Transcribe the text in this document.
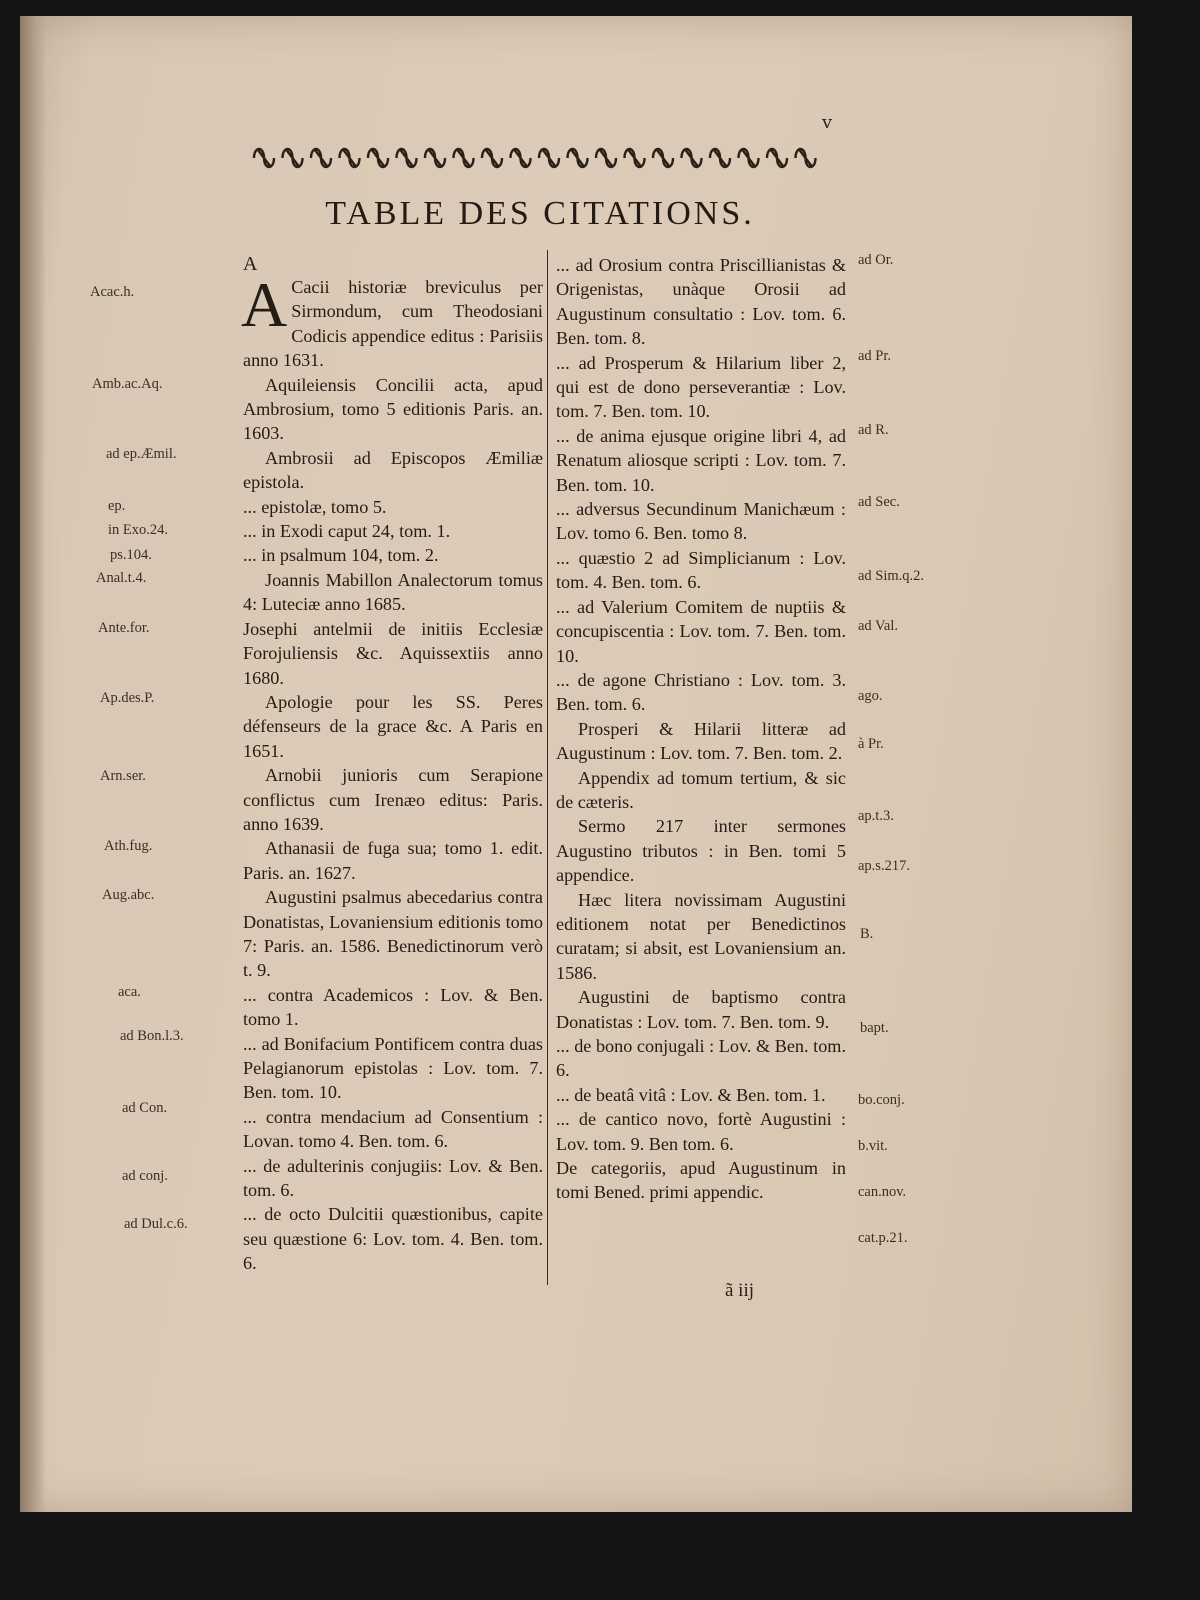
v
TABLE DES CITATIONS.

A

A Cacii historiæ breviculus per Sirmondum, cum Theodosiani Codicis appendice editus : Parisiis anno 1631.

Aquileiensis Concilii acta, apud Ambrosium, tomo 5 editionis Paris. an. 1603.

Ambrosii ad Episcopos Æmiliæ epistola.

... epistolæ, tomo 5.

... in Exodi caput 24, tom. 1.

... in psalmum 104, tom. 2.

Joannis Mabillon Analectorum tomus 4: Luteciæ anno 1685.

Josephi antelmii de initiis Ecclesiæ Forojuliensis &c. Aquissextiis anno 1680.

Apologie pour les SS. Peres défenseurs de la grace &c. A Paris en 1651.

Arnobii junioris cum Serapione conflictus cum Irenæo editus: Paris. anno 1639.

Athanasii de fuga sua; tomo 1. edit. Paris. an. 1627.

Augustini psalmus abecedarius contra Donatistas, Lovaniensium editionis tomo 7: Paris. an. 1586. Benedictinorum verò t. 9.

... contra Academicos : Lov. & Ben. tomo 1.

... ad Bonifacium Pontificem contra duas Pelagianorum epistolas : Lov. tom. 7. Ben. tom. 10.

... contra mendacium ad Consentium : Lovan. tomo 4. Ben. tom. 6.

... de adulterinis conjugiis: Lov. & Ben. tom. 6.

... de octo Dulcitii quæstionibus, capite seu quæstione 6: Lov. tom. 4. Ben. tom. 6.

... ad Orosium contra Priscillianistas & Origenistas, unàque Orosii ad Augustinum consultatio : Lov. tom. 6. Ben. tom. 8.

... ad Prosperum & Hilarium liber 2, qui est de dono perseverantiæ : Lov. tom. 7. Ben. tom. 10.

... de anima ejusque origine libri 4, ad Renatum aliosque scripti : Lov. tom. 7. Ben. tom. 10.

... adversus Secundinum Manichæum : Lov. tomo 6. Ben. tomo 8.

... quæstio 2 ad Simplicianum : Lov. tom. 4. Ben. tom. 6.

... ad Valerium Comitem de nuptiis & concupiscentia : Lov. tom. 7. Ben. tom. 10.

... de agone Christiano : Lov. tom. 3. Ben. tom. 6.

Prosperi & Hilarii litteræ ad Augustinum : Lov. tom. 7. Ben. tom. 2.

Appendix ad tomum tertium, & sic de cæteris.

Sermo 217 inter sermones Augustino tributos : in Ben. tomi 5 appendice.

Hæc litera novissimam Augustini editionem notat per Benedictinos curatam; si absit, est Lovaniensium an. 1586.

Augustini de baptismo contra Donatistas : Lov. tom. 7. Ben. tom. 9.

... de bono conjugali : Lov. & Ben. tom. 6.

... de beatâ vitâ : Lov. & Ben. tom. 1.

... de cantico novo, fortè Augustini : Lov. tom. 9. Ben tom. 6.

De categoriis, apud Augustinum in tomi Bened. primi appendic.

Acac.h.
Amb.ac.Aq.
ad ep.Æmil.
ep.
in Exo.24.
ps.104.
Anal.t.4.
Ante.for.
Ap.des.P.
Arn.ser.
Ath.fug.
Aug.abc.
aca.
ad Bon.l.3.
ad Con.
ad conj.
ad Dul.c.6.
ad Or.
ad Pr.
ad R.
ad Sec.
ad Sim.q.2.
ad Val.
ago.
à Pr.
ap.t.3.
ap.s.217.
B.
bapt.
bo.conj.
b.vit.
can.nov.
cat.p.21.
ã iij
